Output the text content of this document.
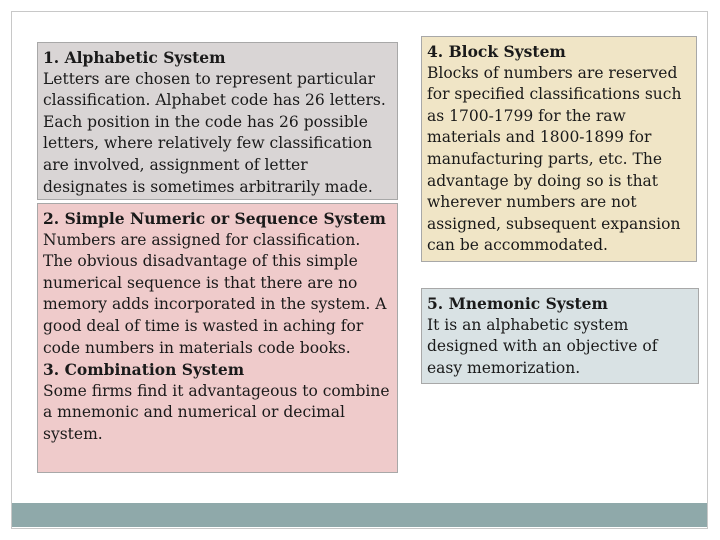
1. Alphabetic System

Letters are chosen to represent particular classification. Alphabet code has 26 letters. Each position in the code has 26 possible letters, where relatively few classification are involved, assignment of letter designates is sometimes arbitrarily made.

2. Simple Numeric or Sequence System

Numbers are assigned for classification. The obvious disadvantage of this simple numerical sequence is that there are no memory adds incorporated in the system. A good deal of time is wasted in aching for code numbers in materials code books.

3. Combination System

Some firms find it advantageous to combine a mnemonic and numerical or decimal system.

4. Block System

Blocks of numbers are reserved for specified classifications such as 1700-1799 for the raw materials and 1800-1899 for manufacturing parts, etc. The advantage by doing so is that wherever numbers are not assigned, subsequent expansion can be accommodated.

5. Mnemonic System

It is an alphabetic system designed with an objective of easy memorization.
